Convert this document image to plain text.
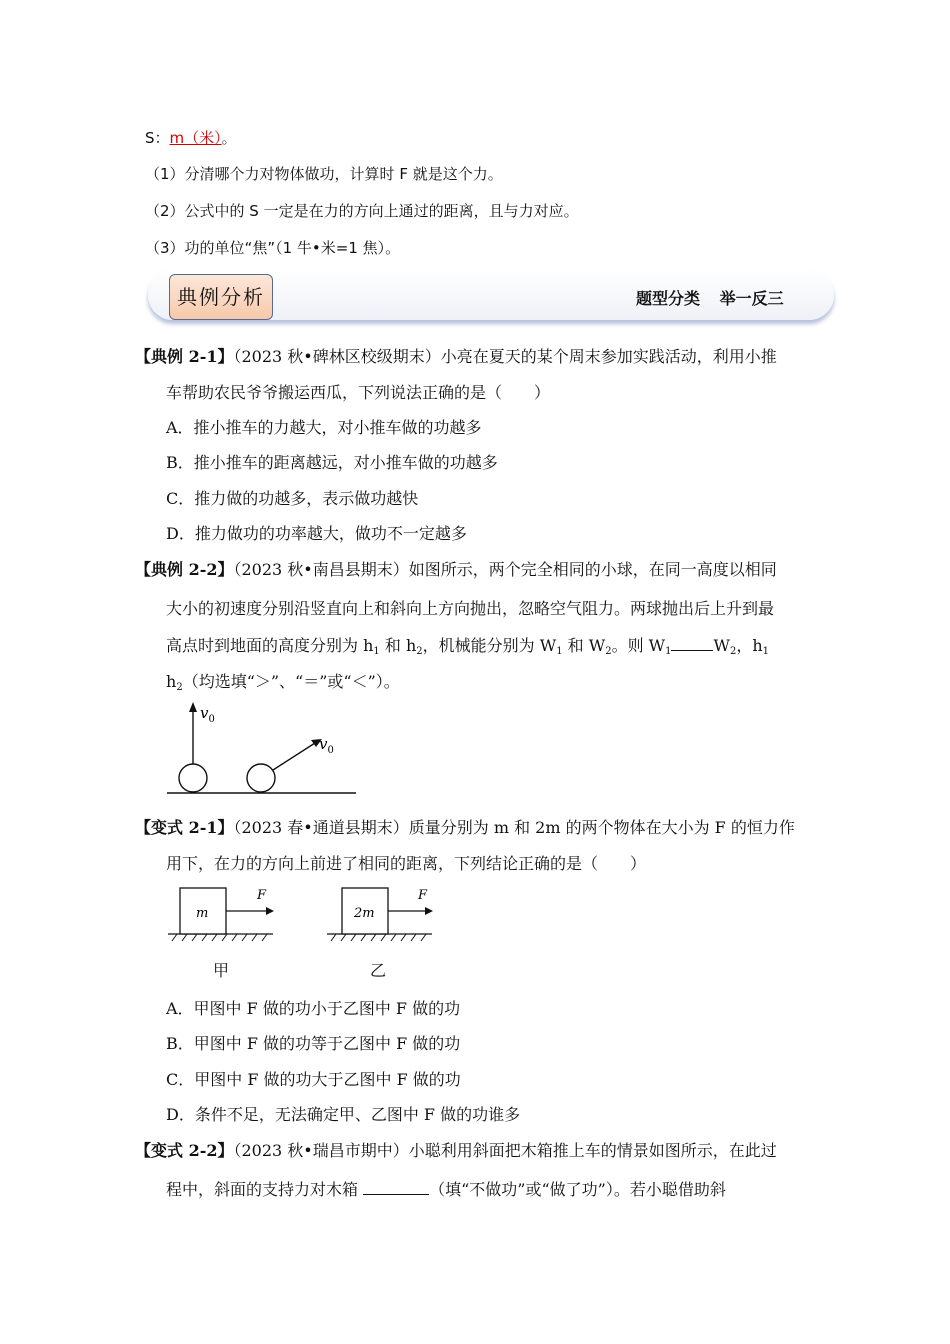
S：m（米）。
（1）分清哪个力对物体做功，计算时 F 就是这个力。
（2）公式中的 S 一定是在力的方向上通过的距离，且与力对应。
（3）功的单位“焦”（1 牛•米=1 焦）。
典例分析	题型分类 举一反三
【典例 2-1】（2023 秋•碑林区校级期末）小亮在夏天的某个周末参加实践活动，利用小推
车帮助农民爷爷搬运西瓜，下列说法正确的是（　　）
A．推小推车的力越大，对小推车做的功越多
B．推小推车的距离越远，对小推车做的功越多
C．推力做的功越多，表示做功越快
D．推力做功的功率越大，做功不一定越多
【典例 2-2】（2023 秋•南昌县期末）如图所示，两个完全相同的小球，在同一高度以相同
大小的初速度分别沿竖直向上和斜向上方向抛出，忽略空气阻力。两球抛出后上升到最
高点时到地面的高度分别为 $h_1$ 和 $h_2$，机械能分别为 $W_1$ 和 $W_2$。则 $W_1$	$W_2$，$h_1$
$h_2$（均选填“＞”、“＝”或“＜”）。
$v_0$
$v_0$
【变式 2-1】（2023 春•通道县期末）质量分别为 m 和 2m 的两个物体在大小为 F 的恒力作
用下，在力的方向上前进了相同的距离，下列结论正确的是（　　）
m
F
甲
2m
F
乙
A．甲图中 F 做的功小于乙图中 F 做的功
B．甲图中 F 做的功等于乙图中 F 做的功
C．甲图中 F 做的功大于乙图中 F 做的功
D．条件不足，无法确定甲、乙图中 F 做的功谁多
【变式 2-2】（2023 秋•瑞昌市期中）小聪利用斜面把木箱推上车的情景如图所示，在此过
程中，斜面的支持力对木箱	（填“不做功”或“做了功”）。若小聪借助斜
